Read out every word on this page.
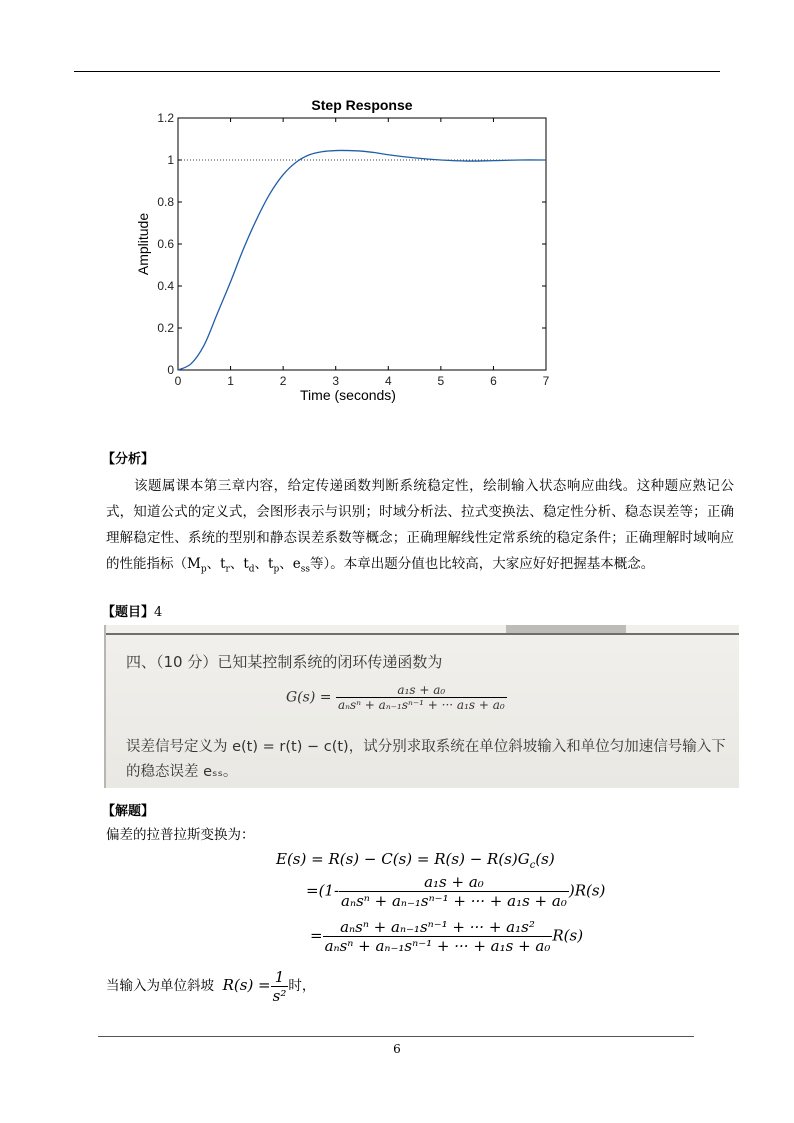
Step Response
0
0.2
0.4
0.6
0.8
1
1.2
0	1	2	3	4	5	6	7
Time (seconds)
Amplitude
【分析】
该题属课本第三章内容，给定传递函数判断系统稳定性，绘制输入状态响应曲线。这种题应熟记公式，知道公式的定义式，会图形表示与识别；时域分析法、拉式变换法、稳定性分析、稳态误差等；正确理解稳定性、系统的型别和静态误差系数等概念；正确理解线性定常系统的稳定条件；正确理解时域响应的性能指标（$M_p$、$t_r$、$t_d$、$t_p$、$e_{ss}$等）。本章出题分值也比较高，大家应好好把握基本概念。
【题目】4
四、（10 分）已知某控制系统的闭环传递函数为
$G(s) = \frac{\text{a₁s + a₀}}{\text{aₙsⁿ + aₙ₋₁sⁿ⁻¹ + ··· a₁s + a₀}}$
误差信号定义为 e(t) = r(t) − c(t)，试分别求取系统在单位斜坡输入和单位匀加速信号输入下的稳态误差 eₛₛ。
【解题】
偏差的拉普拉斯变换为：
$E(s) = R(s) - C(s) = R(s) - R(s)G_c(s)$
$=(1- \frac{\text{a₁s + a₀}}{\text{aₙsⁿ + aₙ₋₁sⁿ⁻¹ + ··· + a₁s + a₀}} )R(s)$
= $\frac{\text{aₙsⁿ + aₙ₋₁sⁿ⁻¹ + ··· + a₁s²}}{\text{aₙsⁿ + aₙ₋₁sⁿ⁻¹ + ··· + a₁s + a₀}} R(s)$
当输入为单位斜坡 $R(s) = \frac{1}{\text{s²}}$ 时，
6
